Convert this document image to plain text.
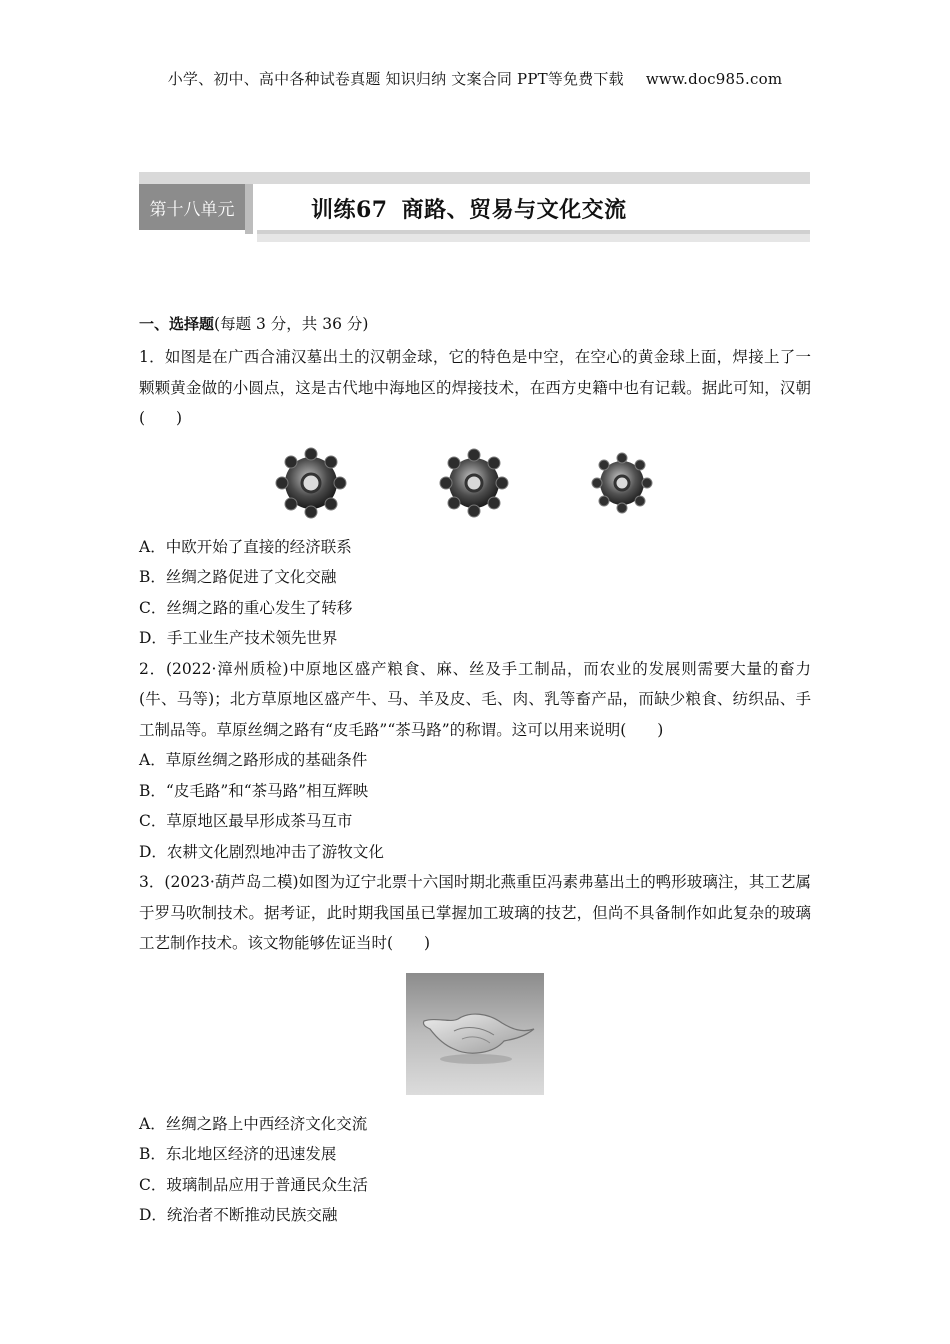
小学、初中、高中各种试卷真题 知识归纳 文案合同 PPT等免费下载 www.doc985.com
第十八单元	训练67 商路、贸易与文化交流
一、选择题(每题 3 分，共 36 分)
1．如图是在广西合浦汉墓出土的汉朝金球，它的特色是中空，在空心的黄金球上面，焊接上了一颗颗黄金做的小圆点，这是古代地中海地区的焊接技术，在西方史籍中也有记载。据此可知，汉朝(　　)
A．中欧开始了直接的经济联系
B．丝绸之路促进了文化交融
C．丝绸之路的重心发生了转移
D．手工业生产技术领先世界
2．(2022·漳州质检)中原地区盛产粮食、麻、丝及手工制品，而农业的发展则需要大量的畜力(牛、马等)；北方草原地区盛产牛、马、羊及皮、毛、肉、乳等畜产品，而缺少粮食、纺织品、手工制品等。草原丝绸之路有“皮毛路”“茶马路”的称谓。这可以用来说明(　　)
A．草原丝绸之路形成的基础条件
B．“皮毛路”和“茶马路”相互辉映
C．草原地区最早形成茶马互市
D．农耕文化剧烈地冲击了游牧文化
3．(2023·葫芦岛二模)如图为辽宁北票十六国时期北燕重臣冯素弗墓出土的鸭形玻璃注，其工艺属于罗马吹制技术。据考证，此时期我国虽已掌握加工玻璃的技艺，但尚不具备制作如此复杂的玻璃工艺制作技术。该文物能够佐证当时(　　)
A．丝绸之路上中西经济文化交流
B．东北地区经济的迅速发展
C．玻璃制品应用于普通民众生活
D．统治者不断推动民族交融
